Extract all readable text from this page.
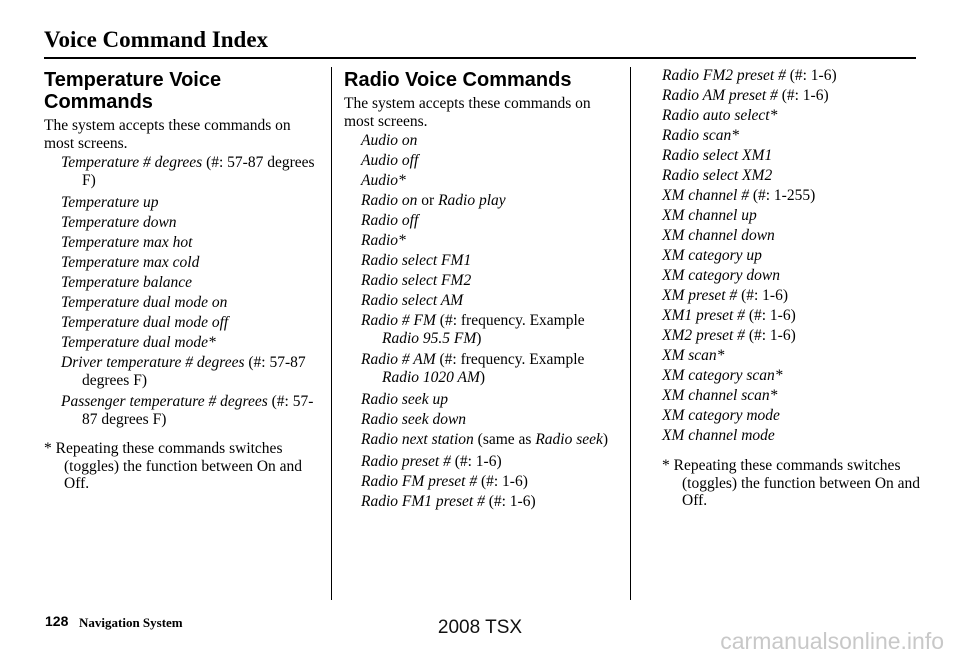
Voice Command Index
Temperature Voice Commands

The system accepts these commands on most screens.

Temperature # degrees (#: 57-87 degrees F)
Temperature up
Temperature down
Temperature max hot
Temperature max cold
Temperature balance
Temperature dual mode on
Temperature dual mode off
Temperature dual mode*
Driver temperature # degrees (#: 57-87 degrees F)
Passenger temperature # degrees (#: 57-87 degrees F)

* Repeating these commands switches (toggles) the function between On and Off.

Radio Voice Commands

The system accepts these commands on most screens.

Audio on
Audio off
Audio*
Radio on or Radio play
Radio off
Radio*
Radio select FM1
Radio select FM2
Radio select AM
Radio # FM (#: frequency. Example Radio 95.5 FM)
Radio # AM (#: frequency. Example Radio 1020 AM)
Radio seek up
Radio seek down
Radio next station (same as Radio seek)
Radio preset # (#: 1-6)
Radio FM preset # (#: 1-6)
Radio FM1 preset # (#: 1-6)
Radio FM2 preset # (#: 1-6)
Radio AM preset # (#: 1-6)
Radio auto select*
Radio scan*
Radio select XM1
Radio select XM2
XM channel # (#: 1-255)
XM channel up
XM channel down
XM category up
XM category down
XM preset # (#: 1-6)
XM1 preset # (#: 1-6)
XM2 preset # (#: 1-6)
XM scan*
XM category scan*
XM channel scan*
XM category mode
XM channel mode

* Repeating these commands switches (toggles) the function between On and Off.

128 Navigation System	2008 TSX
carmanualsonline.info
